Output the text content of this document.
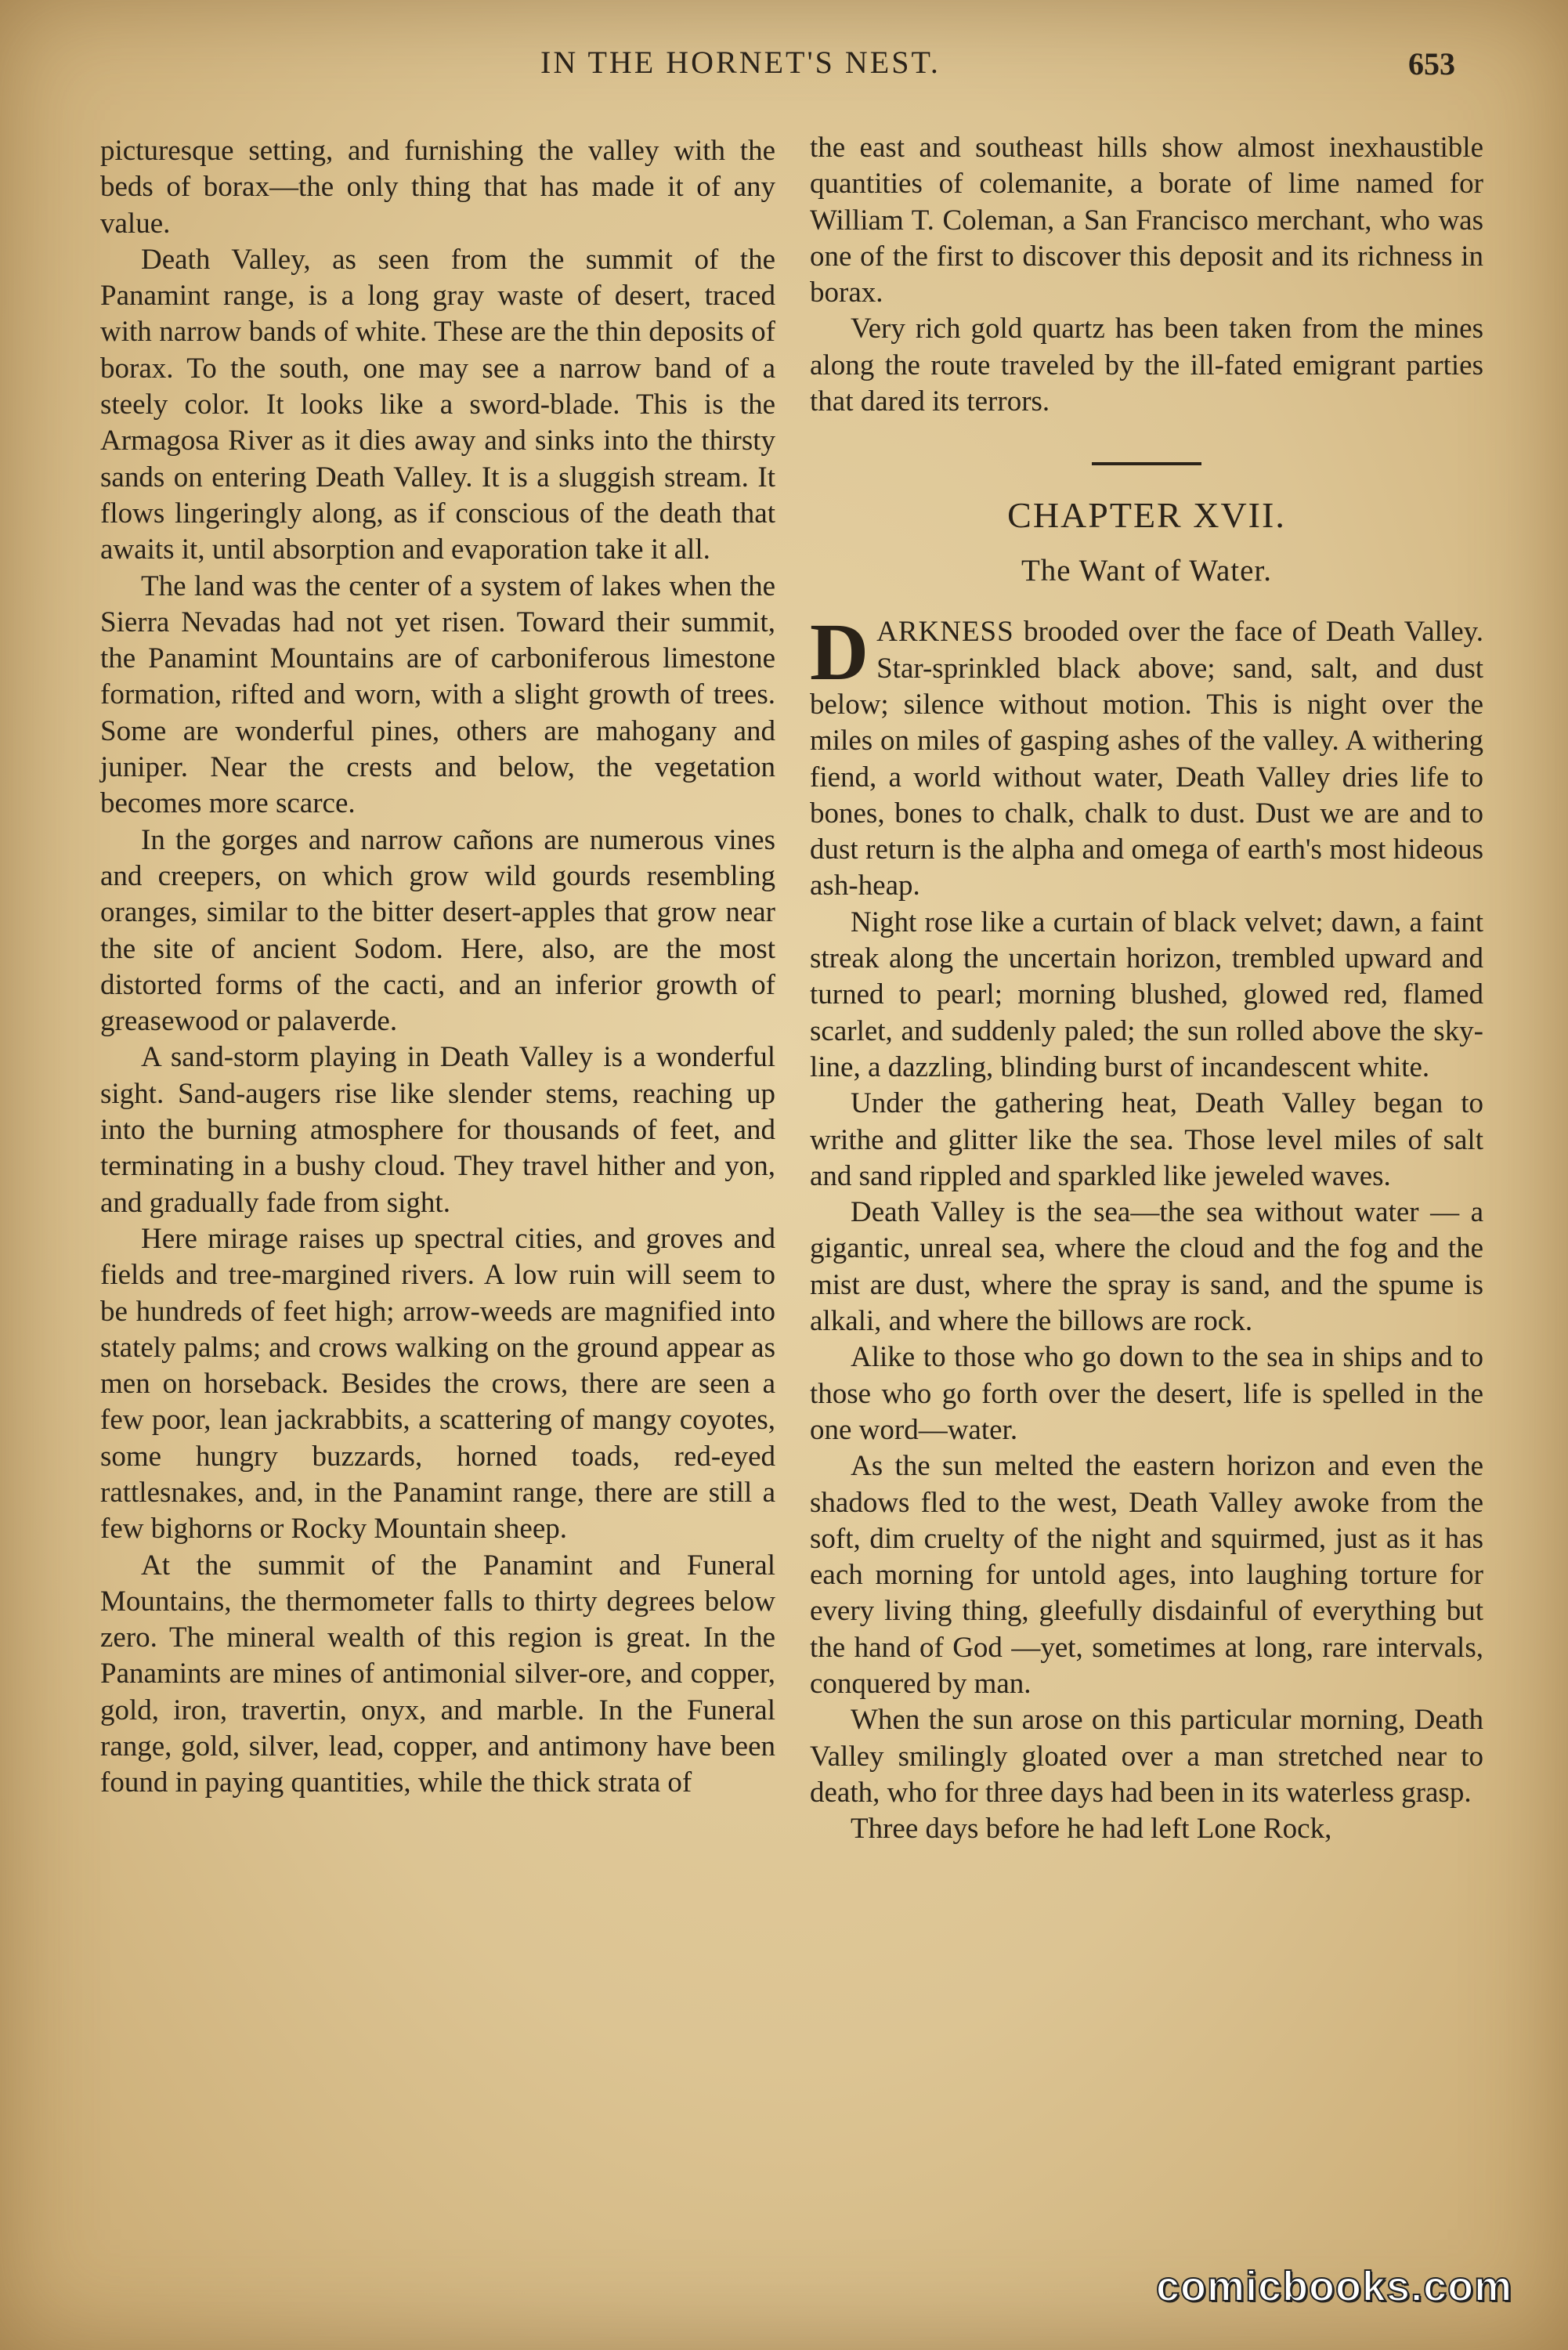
IN THE HORNET'S NEST.	653

picturesque setting, and furnishing the valley with the beds of borax—the only thing that has made it of any value.

Death Valley, as seen from the summit of the Panamint range, is a long gray waste of desert, traced with narrow bands of white. These are the thin deposits of borax. To the south, one may see a narrow band of a steely color. It looks like a sword-blade. This is the Armagosa River as it dies away and sinks into the thirsty sands on entering Death Valley. It is a sluggish stream. It flows lingeringly along, as if conscious of the death that awaits it, until absorption and evaporation take it all.

The land was the center of a system of lakes when the Sierra Nevadas had not yet risen. Toward their summit, the Panamint Mountains are of carboniferous limestone formation, rifted and worn, with a slight growth of trees. Some are wonderful pines, others are mahogany and juniper. Near the crests and below, the vegetation becomes more scarce.

In the gorges and narrow cañons are numerous vines and creepers, on which grow wild gourds resembling oranges, similar to the bitter desert-apples that grow near the site of ancient Sodom. Here, also, are the most distorted forms of the cacti, and an inferior growth of greasewood or palaverde.

A sand-storm playing in Death Valley is a wonderful sight. Sand-augers rise like slender stems, reaching up into the burning atmosphere for thousands of feet, and terminating in a bushy cloud. They travel hither and yon, and gradually fade from sight.

Here mirage raises up spectral cities, and groves and fields and tree-margined rivers. A low ruin will seem to be hundreds of feet high; arrow-weeds are magnified into stately palms; and crows walking on the ground appear as men on horseback. Besides the crows, there are seen a few poor, lean jackrabbits, a scattering of mangy coyotes, some hungry buzzards, horned toads, red-eyed rattlesnakes, and, in the Panamint range, there are still a few bighorns or Rocky Mountain sheep.

At the summit of the Panamint and Funeral Mountains, the thermometer falls to thirty degrees below zero. The mineral wealth of this region is great. In the Panamints are mines of antimonial silver-ore, and copper, gold, iron, travertin, onyx, and marble. In the Funeral range, gold, silver, lead, copper, and antimony have been found in paying quantities, while the thick strata of

the east and southeast hills show almost inexhaustible quantities of colemanite, a borate of lime named for William T. Coleman, a San Francisco merchant, who was one of the first to discover this deposit and its richness in borax.

Very rich gold quartz has been taken from the mines along the route traveled by the ill-fated emigrant parties that dared its terrors.

CHAPTER XVII.
The Want of Water.

DARKNESS brooded over the face of Death Valley. Star-sprinkled black above; sand, salt, and dust below; silence without motion. This is night over the miles on miles of gasping ashes of the valley. A withering fiend, a world without water, Death Valley dries life to bones, bones to chalk, chalk to dust. Dust we are and to dust return is the alpha and omega of earth's most hideous ash-heap.

Night rose like a curtain of black velvet; dawn, a faint streak along the uncertain horizon, trembled upward and turned to pearl; morning blushed, glowed red, flamed scarlet, and suddenly paled; the sun rolled above the sky-line, a dazzling, blinding burst of incandescent white.

Under the gathering heat, Death Valley began to writhe and glitter like the sea. Those level miles of salt and sand rippled and sparkled like jeweled waves.

Death Valley is the sea—the sea without water — a gigantic, unreal sea, where the cloud and the fog and the mist are dust, where the spray is sand, and the spume is alkali, and where the billows are rock.

Alike to those who go down to the sea in ships and to those who go forth over the desert, life is spelled in the one word—water.

As the sun melted the eastern horizon and even the shadows fled to the west, Death Valley awoke from the soft, dim cruelty of the night and squirmed, just as it has each morning for untold ages, into laughing torture for every living thing, gleefully disdainful of everything but the hand of God —yet, sometimes at long, rare intervals, conquered by man.

When the sun arose on this particular morning, Death Valley smilingly gloated over a man stretched near to death, who for three days had been in its waterless grasp.

Three days before he had left Lone Rock,

comicbooks.com
